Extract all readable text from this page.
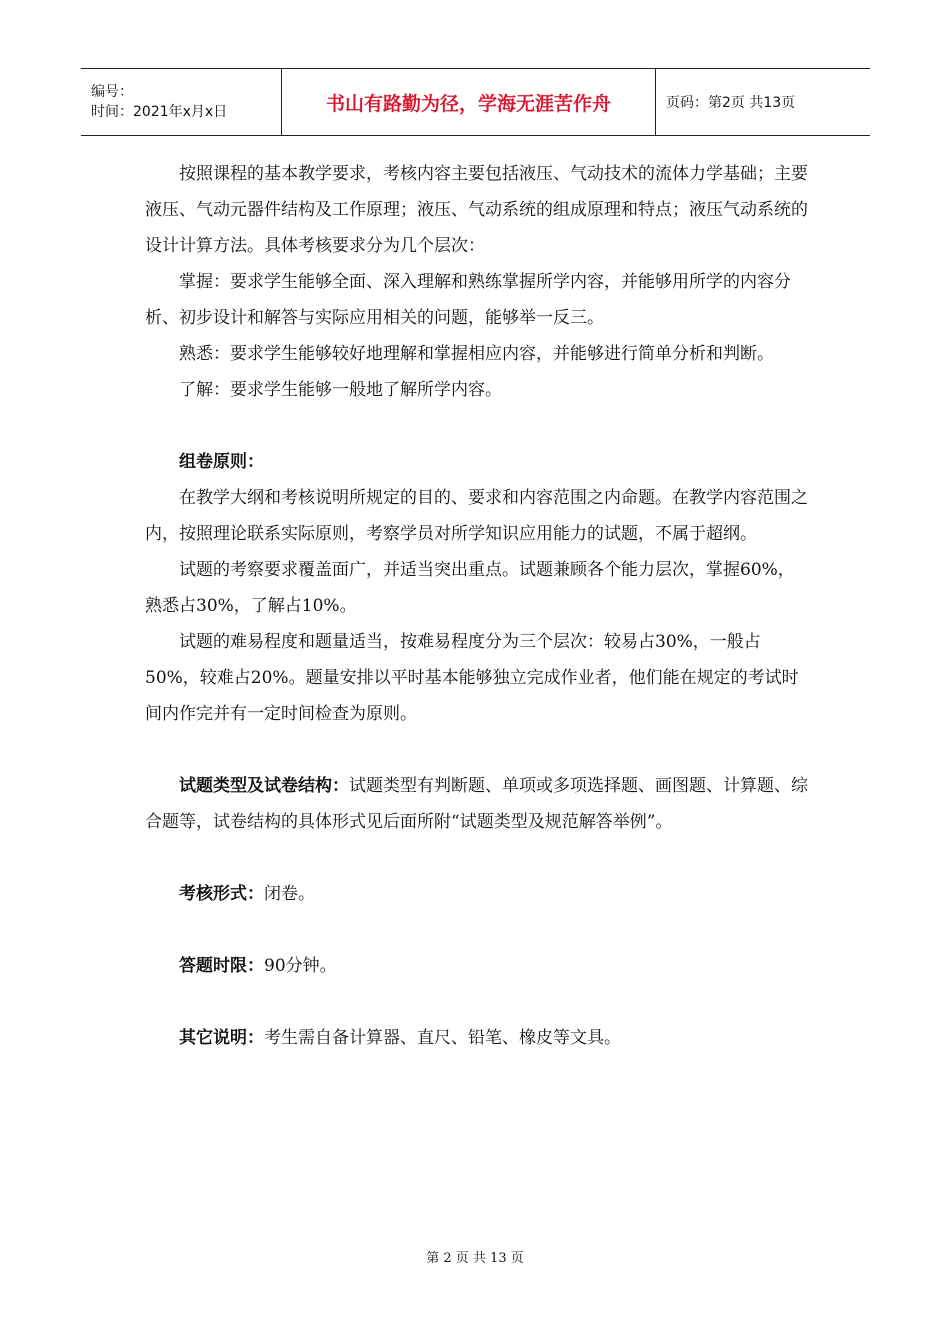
编号：
时间：2021年x月x日	书山有路勤为径，学海无涯苦作舟	页码：第2页 共13页

按照课程的基本教学要求，考核内容主要包括液压、气动技术的流体力学基础；主要液压、气动元器件结构及工作原理；液压、气动系统的组成原理和特点；液压气动系统的设计计算方法。具体考核要求分为几个层次：

掌握：要求学生能够全面、深入理解和熟练掌握所学内容，并能够用所学的内容分析、初步设计和解答与实际应用相关的问题，能够举一反三。

熟悉：要求学生能够较好地理解和掌握相应内容，并能够进行简单分析和判断。

了解：要求学生能够一般地了解所学内容。

组卷原则：

在教学大纲和考核说明所规定的目的、要求和内容范围之内命题。在教学内容范围之内，按照理论联系实际原则，考察学员对所学知识应用能力的试题，不属于超纲。

试题的考察要求覆盖面广，并适当突出重点。试题兼顾各个能力层次，掌握60%，熟悉占30%，了解占10%。

试题的难易程度和题量适当，按难易程度分为三个层次：较易占30%，一般占50%，较难占20%。题量安排以平时基本能够独立完成作业者，他们能在规定的考试时间内作完并有一定时间检查为原则。

试题类型及试卷结构：试题类型有判断题、单项或多项选择题、画图题、计算题、综合题等，试卷结构的具体形式见后面所附“试题类型及规范解答举例”。

考核形式：闭卷。

答题时限：90分钟。

其它说明：考生需自备计算器、直尺、铅笔、橡皮等文具。

第 2 页 共 13 页
